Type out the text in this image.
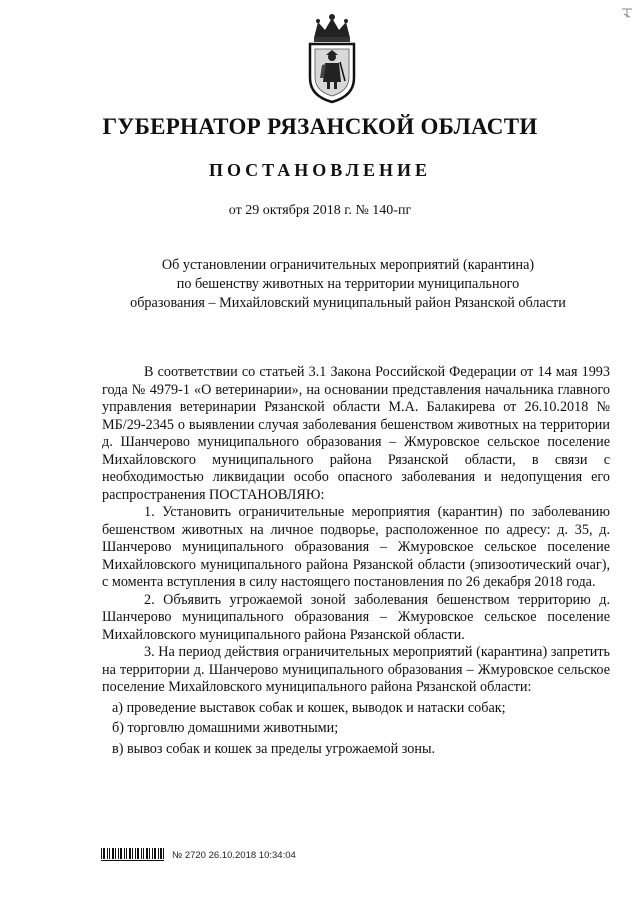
ГУБЕРНАТОР РЯЗАНСКОЙ ОБЛАСТИ
ПОСТАНОВЛЕНИЕ
от 29 октября 2018 г. № 140-пг
Об установлении ограничительных мероприятий (карантина)
по бешенству животных на территории муниципального
образования – Михайловский муниципальный район Рязанской области

В соответствии со статьей 3.1 Закона Российской Федерации от 14 мая 1993 года № 4979-1 «О ветеринарии», на основании представления начальника главного управления ветеринарии Рязанской области М.А. Балакирева от 26.10.2018 № МБ/29-2345 о выявлении случая заболевания бешенством животных на территории д. Шанчерово муниципального образования – Жмуровское сельское поселение Михайловского муниципального района Рязанской области, в связи с необходимостью ликвидации особо опасного заболевания и недопущения его распространения ПОСТАНОВЛЯЮ:

1. Установить ограничительные мероприятия (карантин) по заболеванию бешенством животных на личное подворье, расположенное по адресу: д. 35, д. Шанчерово муниципального образования – Жмуровское сельское поселение Михайловского муниципального района Рязанской области (эпизоотический очаг), с момента вступления в силу настоящего постановления по 26 декабря 2018 года.

2. Объявить угрожаемой зоной заболевания бешенством территорию д. Шанчерово муниципального образования – Жмуровское сельское поселение Михайловского муниципального района Рязанской области.

3. На период действия ограничительных мероприятий (карантина) запретить на территории д. Шанчерово муниципального образования – Жмуровское сельское поселение Михайловского муниципального района Рязанской области:

а) проведение выставок собак и кошек, выводок и натаски собак;

б) торговлю домашними животными;

в) вывоз собак и кошек за пределы угрожаемой зоны.

№ 2720 26.10.2018 10:34:04
